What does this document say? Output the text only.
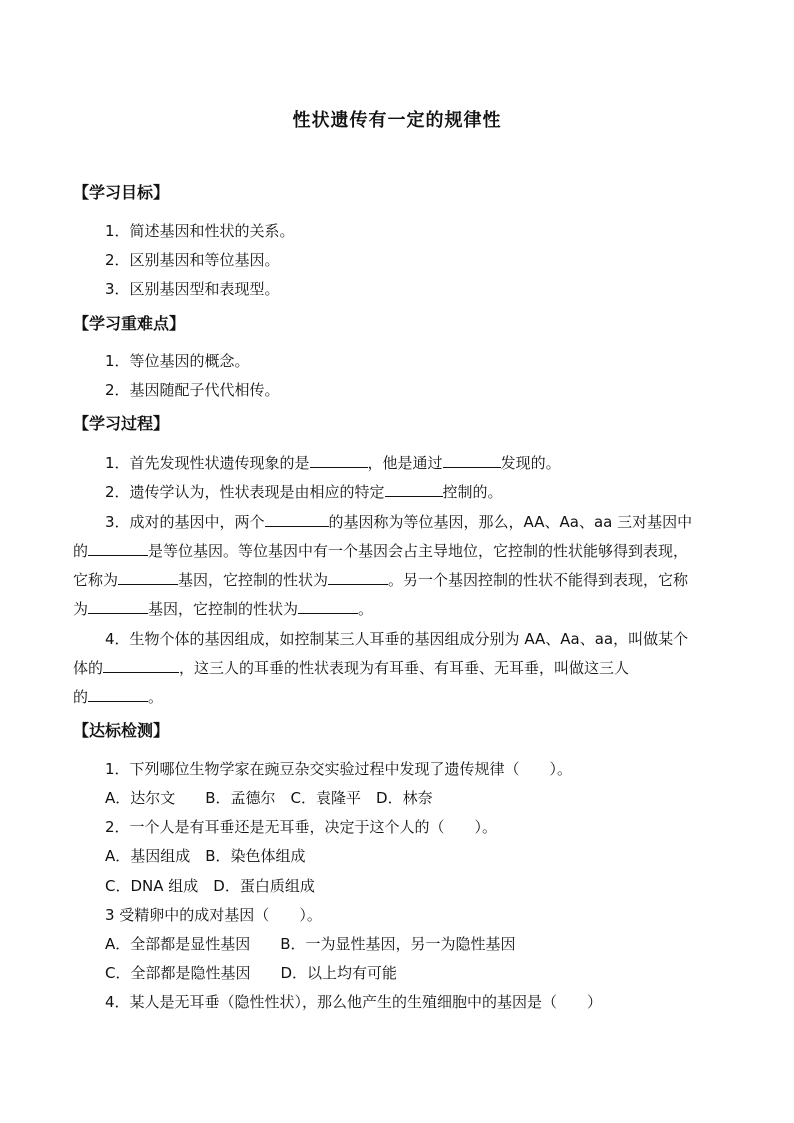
性状遗传有一定的规律性
【学习目标】
1．简述基因和性状的关系。
2．区别基因和等位基因。
3．区别基因型和表现型。
【学习重难点】
1．等位基因的概念。
2．基因随配子代代相传。
【学习过程】
1．首先发现性状遗传现象的是	，他是通过	发现的。
2．遗传学认为，性状表现是由相应的特定	控制的。
3．成对的基因中，两个	的基因称为等位基因，那么，AA、Aa、aa 三对基因中
的	是等位基因。等位基因中有一个基因会占主导地位，它控制的性状能够得到表现，
它称为	基因，它控制的性状为	。另一个基因控制的性状不能得到表现，它称
为	基因，它控制的性状为	。
4．生物个体的基因组成，如控制某三人耳垂的基因组成分别为 AA、Aa、aa，叫做某个
体的	，这三人的耳垂的性状表现为有耳垂、有耳垂、无耳垂，叫做这三人
的	。
【达标检测】
1．下列哪位生物学家在豌豆杂交实验过程中发现了遗传规律（　　）。
A．达尔文　　B．孟德尔　C．袁隆平　D．林奈
2．一个人是有耳垂还是无耳垂，决定于这个人的（　　）。
A．基因组成　B．染色体组成
C．DNA 组成　D．蛋白质组成
3 受精卵中的成对基因（　　）。
A．全部都是显性基因　　B．一为显性基因，另一为隐性基因
C．全部都是隐性基因　　D．以上均有可能
4．某人是无耳垂（隐性性状），那么他产生的生殖细胞中的基因是（　　）
